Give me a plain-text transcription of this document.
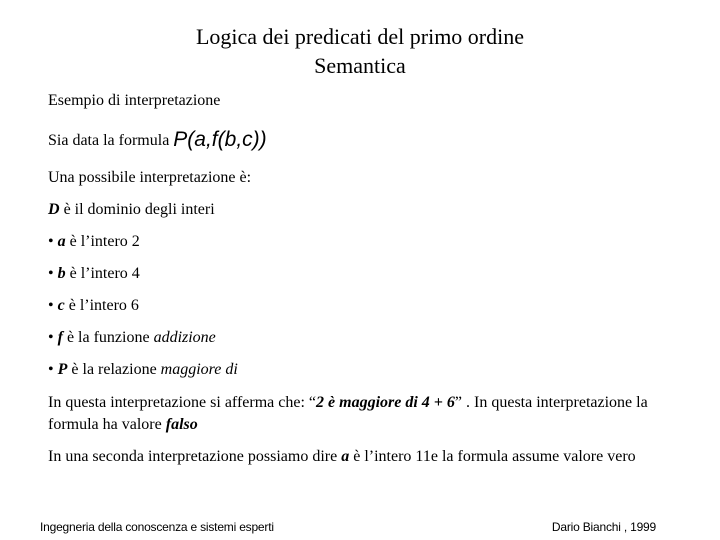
Logica dei predicati del primo ordine
Semantica
Esempio di interpretazione
Sia data la formula P(a,f(b,c))
Una possibile interpretazione è:
D è il dominio degli interi
• a è l’intero 2
• b è l’intero 4
• c è l’intero 6
• f è la funzione addizione
• P è la relazione maggiore di
In questa interpretazione si afferma che: “2 è maggiore di 4 + 6” . In questa interpretazione la formula ha valore falso
In una seconda interpretazione possiamo dire a è l’intero 11e la formula assume valore vero
Ingegneria della conoscenza e sistemi esperti	Dario Bianchi , 1999
